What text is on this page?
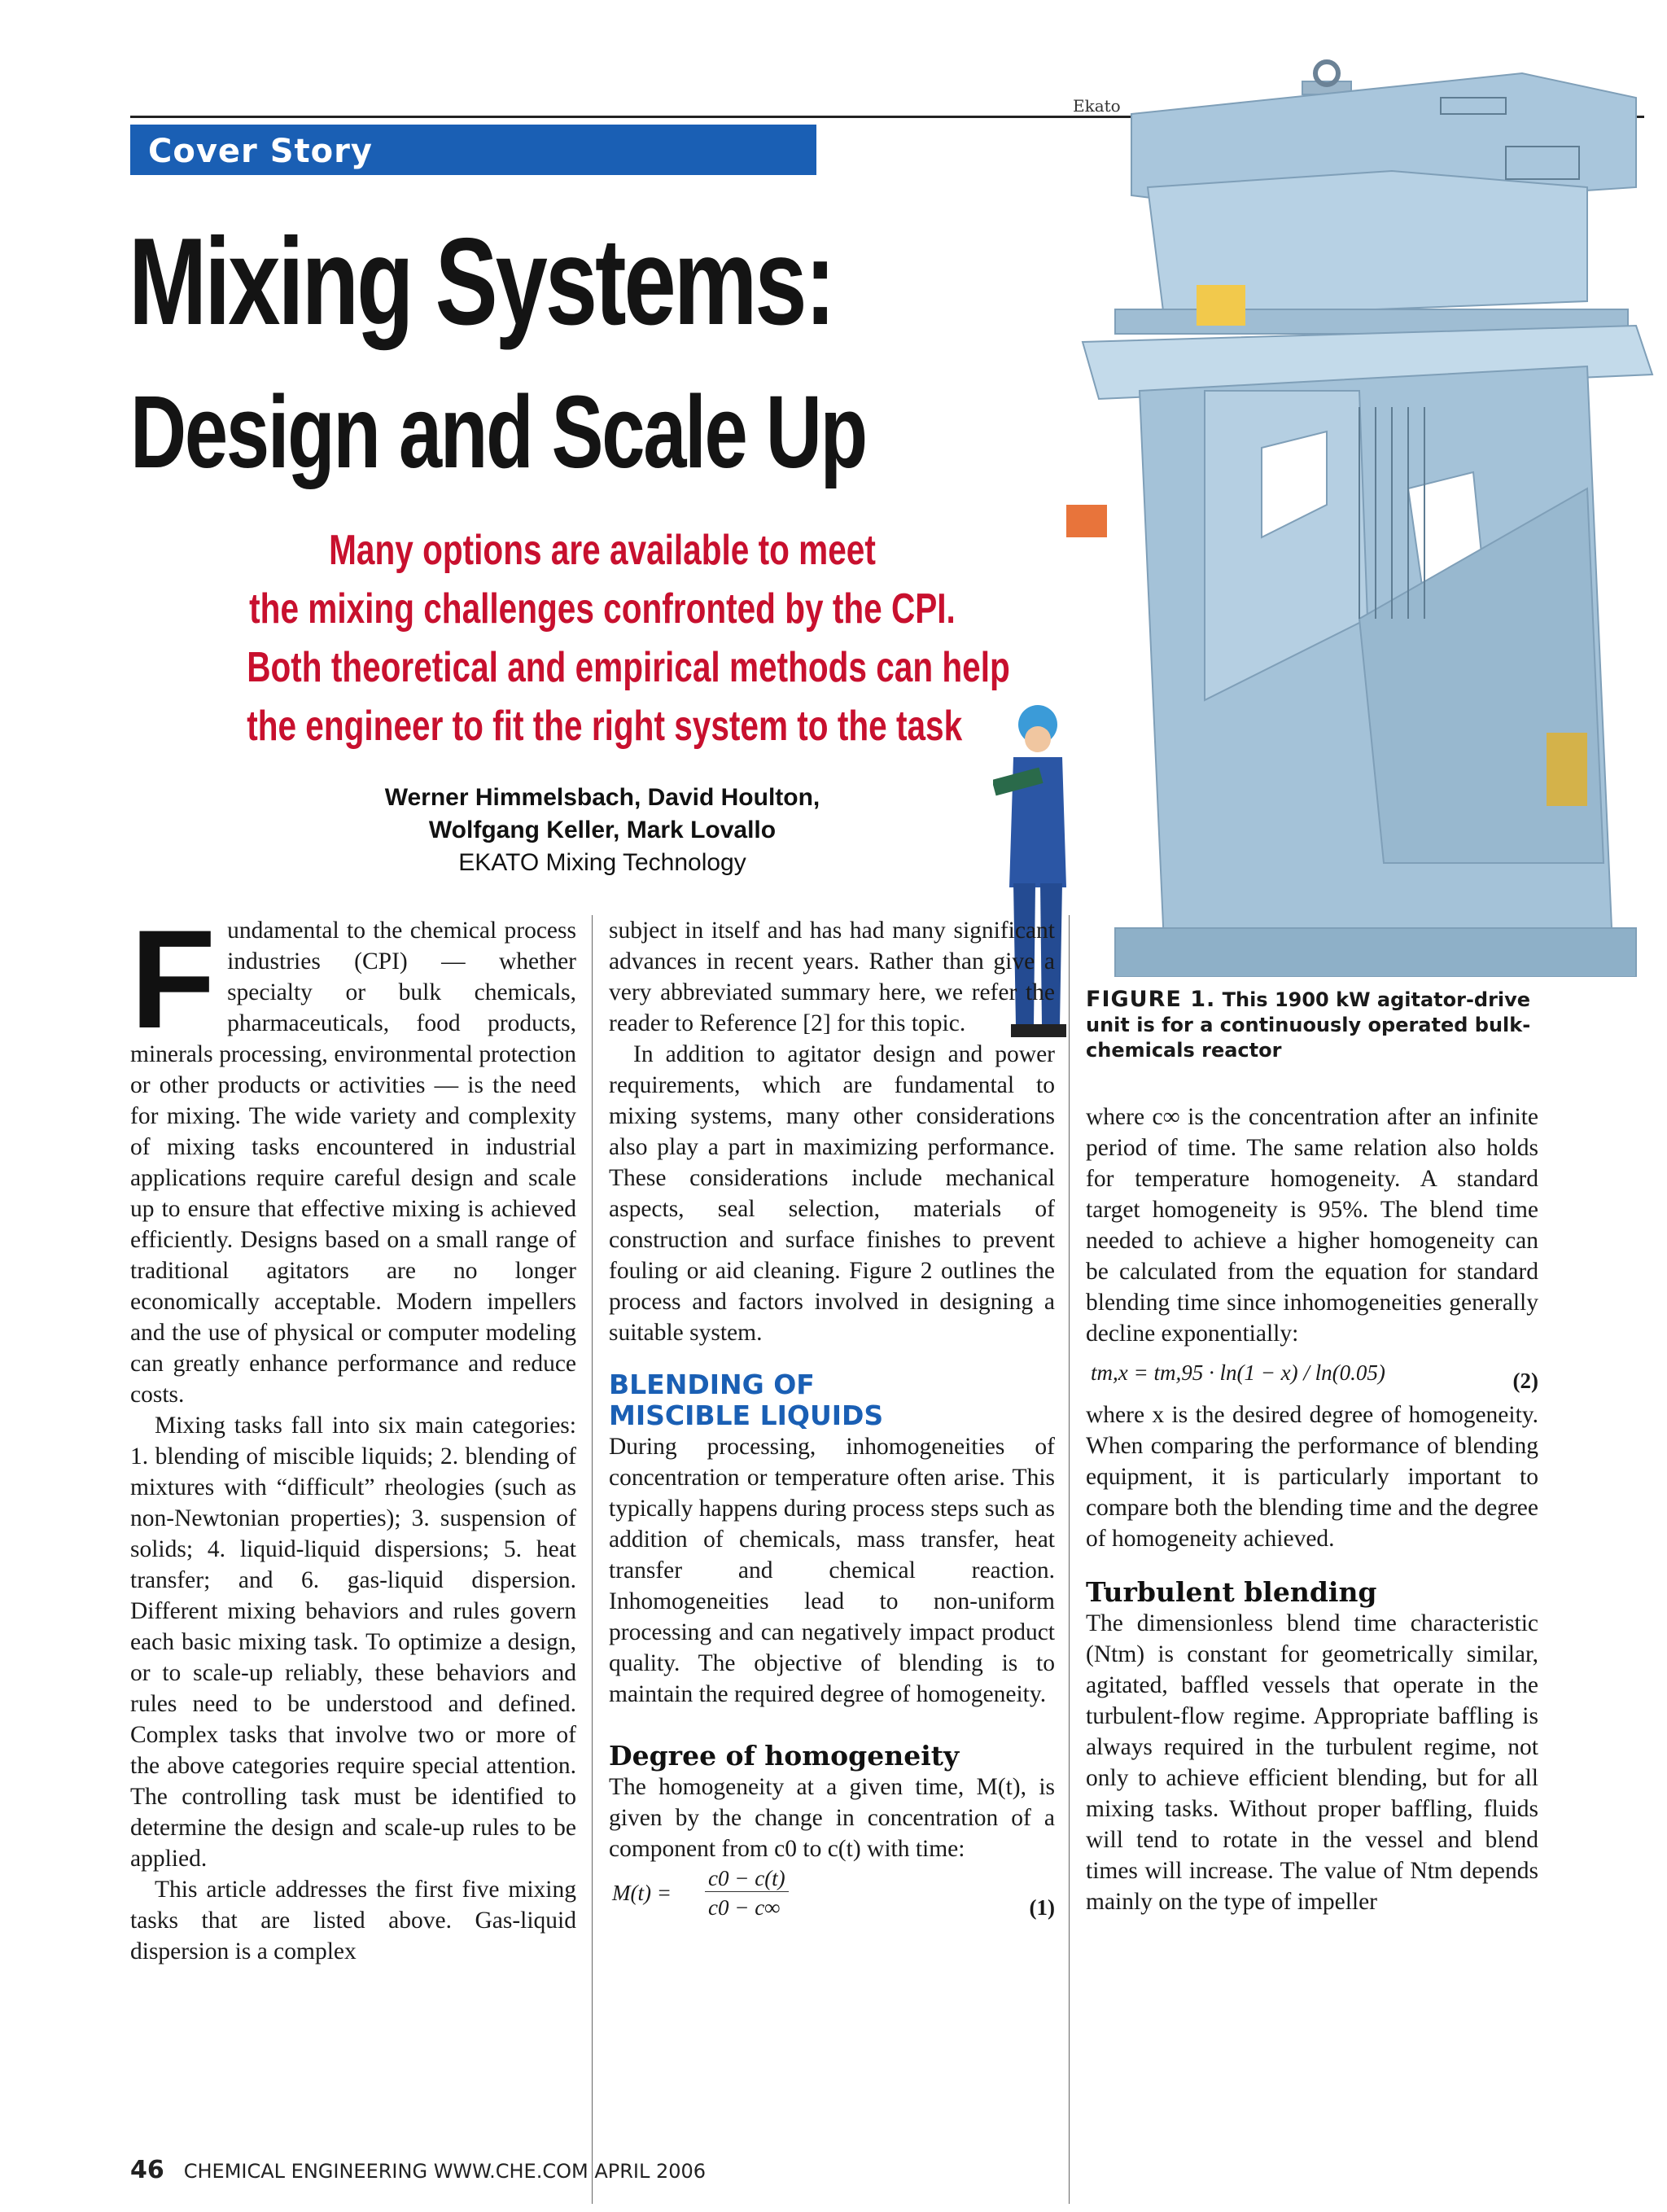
Ekato
Cover Story
Mixing Systems:
Design and Scale Up
Many options are available to meet
the mixing challenges confronted by the CPI.
Both theoretical and empirical methods can help
the engineer to fit the right system to the task
Werner Himmelsbach, David Houlton,
Wolfgang Keller, Mark Lovallo
EKATO Mixing Technology
FIGURE 1. This 1900 kW agitator-drive unit is for a continuously operated bulk-chemicals reactor

Fundamental to the chemical process industries (CPI) — whether specialty or bulk chemicals, pharmaceuticals, food products, minerals processing, environmental protection or other products or activities — is the need for mixing. The wide variety and complexity of mixing tasks encountered in industrial applications require careful design and scale up to ensure that effective mixing is achieved efficiently. Designs based on a small range of traditional agitators are no longer economically acceptable. Modern impellers and the use of physical or computer modeling can greatly enhance performance and reduce costs.

Mixing tasks fall into six main categories: 1. blending of miscible liquids; 2. blending of mixtures with “difficult” rheologies (such as non-Newtonian properties); 3. suspension of solids; 4. liquid-liquid dispersions; 5. heat transfer; and 6. gas-liquid dispersion. Different mixing behaviors and rules govern each basic mixing task. To optimize a design, or to scale-up reliably, these behaviors and rules need to be understood and defined. Complex tasks that involve two or more of the above categories require special attention. The controlling task must be identified to determine the design and scale-up rules to be applied.

This article addresses the first five mixing tasks that are listed above. Gas-liquid dispersion is a complex

subject in itself and has had many significant advances in recent years. Rather than give a very abbreviated summary here, we refer the reader to Reference [2] for this topic.

In addition to agitator design and power requirements, which are fundamental to mixing systems, many other considerations also play a part in maximizing performance. These considerations include mechanical aspects, seal selection, materials of construction and surface finishes to prevent fouling or aid cleaning. Figure 2 outlines the process and factors involved in designing a suitable system.

BLENDING OF
MISCIBLE LIQUIDS

During processing, inhomogeneities of concentration or temperature often arise. This typically happens during process steps such as addition of chemicals, mass transfer, heat transfer and chemical reaction. Inhomogeneities lead to non-uniform processing and can negatively impact product quality. The objective of blending is to maintain the required degree of homogeneity.

Degree of homogeneity

The homogeneity at a given time, M(t), is given by the change in concentration of a component from c0 to c(t) with time:

M(t) =
c0 − c(t)
c0 − c∞	(1)

where c∞ is the concentration after an infinite period of time. The same relation also holds for temperature homogeneity. A standard target homogeneity is 95%. The blend time needed to achieve a higher homogeneity can be calculated from the equation for standard blending time since inhomogeneities generally decline exponentially:

tm,x = tm,95 · ln(1 − x) / ln(0.05)	(2)

where x is the desired degree of homogeneity. When comparing the performance of blending equipment, it is particularly important to compare both the blending time and the degree of homogeneity achieved.

Turbulent blending

The dimensionless blend time characteristic (Ntm) is constant for geometrically similar, agitated, baffled vessels that operate in the turbulent-flow regime. Appropriate baffling is always required in the turbulent regime, not only to achieve efficient blending, but for all mixing tasks. Without proper baffling, fluids will tend to rotate in the vessel and blend times will increase. The value of Ntm depends mainly on the type of impeller

46 CHEMICAL ENGINEERING WWW.CHE.COM APRIL 2006
